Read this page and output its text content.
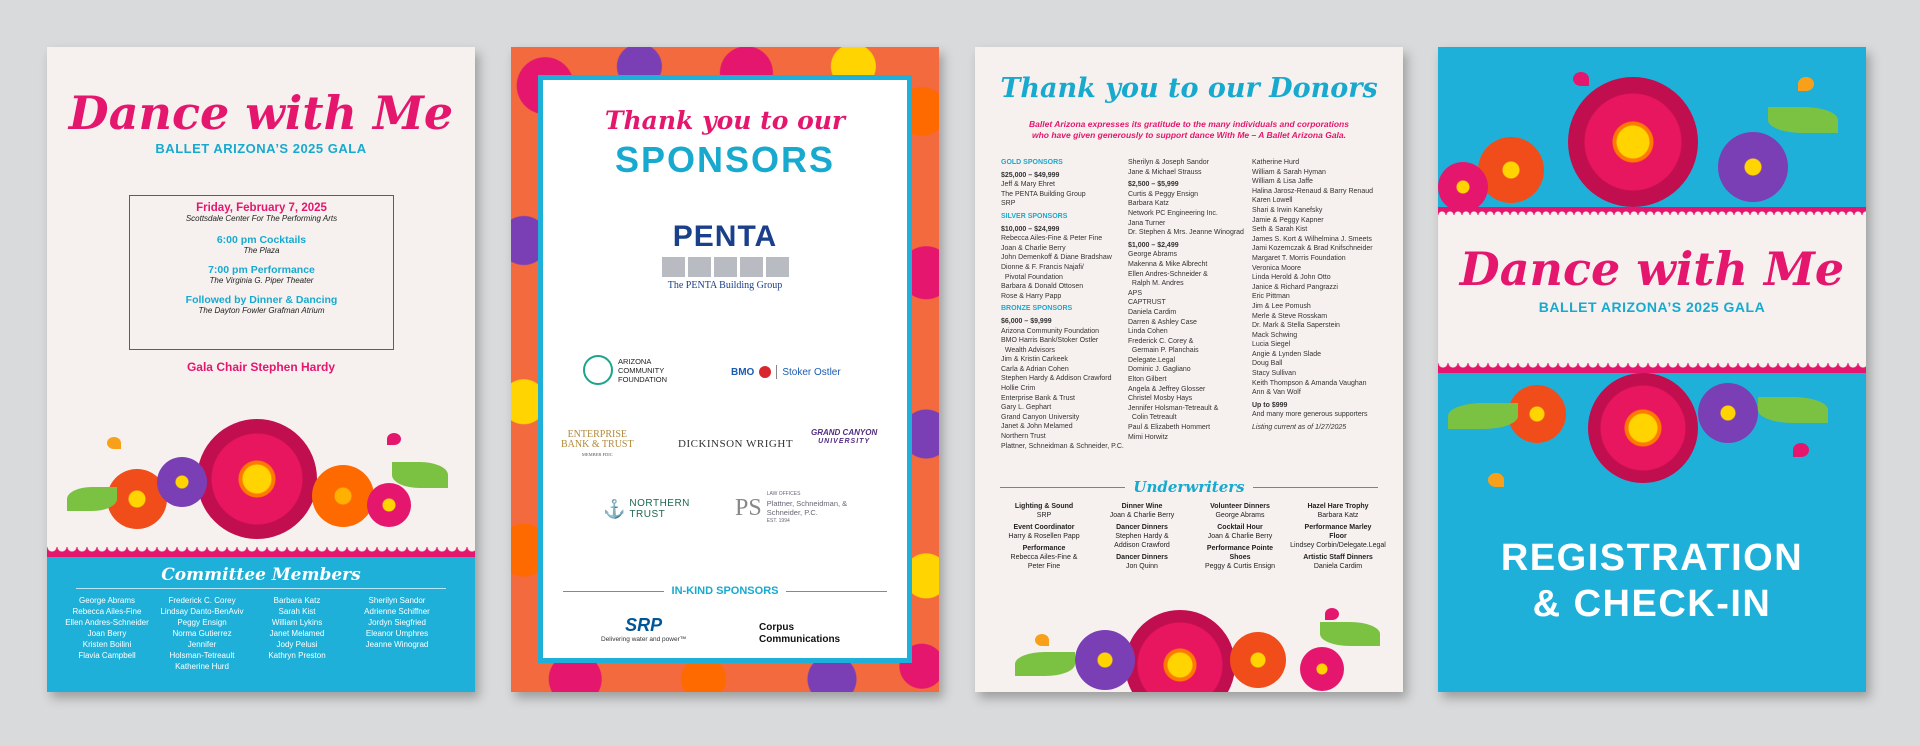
Dance with Me
BALLET ARIZONA’S 2025 GALA
Friday, February 7, 2025
Scottsdale Center For The Performing Arts
6:00 pm Cocktails
The Plaza
7:00 pm Performance
The Virginia G. Piper Theater
Followed by Dinner & Dancing
The Dayton Fowler Grafman Atrium
Gala Chair Stephen Hardy
Committee Members
George Abrams
Rebecca Ailes-Fine
Ellen Andres-Schneider
Joan Berry
Kristen Boilini
Flavia Campbell
Frederick C. Corey
Lindsay Danto-BenAviv
Peggy Ensign
Norma Gutierrez
Jennifer
Holsman-Tetreault
Katherine Hurd
Barbara Katz
Sarah Kist
William Lykins
Janet Melamed
Jody Pelusi
Kathryn Preston
Sherilyn Sandor
Adrienne Schiffner
Jordyn Siegfried
Eleanor Umphres
Jeanne Winograd
Thank you to our
SPONSORS
PENTA
The PENTA Building Group
ARIZONA
COMMUNITY
FOUNDATION
BMO	Stoker Ostler
ENTERPRISE
BANK & TRUST
MEMBER FDIC
DICKINSON WRIGHT
GRAND CANYON
UNIVERSITY
⚓ NORTHERN
TRUST	PS
LAW OFFICES
Plattner, Schneidman, &
Schneider, P.C.
EST. 1994
IN-KIND SPONSORS
SRP
Delivering water and power™
Corpus
Communications
Thank you to our Donors
Ballet Arizona expresses its gratitude to the many individuals and corporations
who have given generously to support dance With Me – A Ballet Arizona Gala.
GOLD SPONSORS
$25,000 – $49,999
Jeff & Mary Ehret
The PENTA Building Group
SRP
SILVER SPONSORS
$10,000 – $24,999
Rebecca Ailes-Fine & Peter Fine
Joan & Charlie Berry
John Demenkoff & Diane Bradshaw
Dionne & F. Francis Najafi/
Pivotal Foundation
Barbara & Donald Ottosen
Rose & Harry Papp
BRONZE SPONSORS
$6,000 – $9,999
Arizona Community Foundation
BMO Harris Bank/Stoker Ostler
Wealth Advisors
Jim & Kristin Carkeek
Carla & Adrian Cohen
Stephen Hardy & Addison Crawford
Hollie Crim
Enterprise Bank & Trust
Gary L. Gephart
Grand Canyon University
Janet & John Melamed
Northern Trust
Plattner, Schneidman & Schneider, P.C.
Sherilyn & Joseph Sandor
Jane & Michael Strauss
$2,500 – $5,999
Curtis & Peggy Ensign
Barbara Katz
Network PC Engineering Inc.
Jana Turner
Dr. Stephen & Mrs. Jeanne Winograd
$1,000 – $2,499
George Abrams
Makenna & Mike Albrecht
Ellen Andres-Schneider &
Ralph M. Andres
APS
CAPTRUST
Daniela Cardim
Darren & Ashley Case
Linda Cohen
Frederick C. Corey &
Germain P. Planchais
Delegate.Legal
Dominic J. Gagliano
Elton Gilbert
Angela & Jeffrey Glosser
Christel Mosby Hays
Jennifer Holsman-Tetreault &
Colin Tetreault
Paul & Elizabeth Hommert
Mimi Horwitz
Katherine Hurd
William & Sarah Hyman
William & Lisa Jaffe
Halina Jarosz-Renaud & Barry Renaud
Karen Lowell
Shari & Irwin Kanefsky
Jamie & Peggy Kapner
Seth & Sarah Kist
James S. Kort & Wilhelmina J. Smeets
Jami Kozemczak & Brad Knifschneider
Margaret T. Morris Foundation
Veronica Moore
Linda Herold & John Otto
Janice & Richard Pangrazzi
Eric Pittman
Jim & Lee Pomush
Merle & Steve Rosskam
Dr. Mark & Stella Saperstein
Mack Schwing
Lucia Siegel
Angie & Lynden Slade
Doug Ball
Stacy Sullivan
Keith Thompson & Amanda Vaughan
Ann & Van Wolf
Up to $999
And many more generous supporters
Listing current as of 1/27/2025
Underwriters
Lighting & Sound
SRP
Event Coordinator
Harry & Rosellen Papp
Performance
Rebecca Ailes-Fine &
Peter Fine
Dinner Wine
Joan & Charlie Berry
Dancer Dinners
Stephen Hardy &
Addison Crawford
Dancer Dinners
Jon Quinn
Volunteer Dinners
George Abrams
Cocktail Hour
Joan & Charlie Berry
Performance Pointe
Shoes
Peggy & Curtis Ensign
Hazel Hare Trophy
Barbara Katz
Performance Marley
Floor
Lindsey Corbin/Delegate.Legal
Artistic Staff Dinners
Daniela Cardim
Dance with Me
BALLET ARIZONA’S 2025 GALA
REGISTRATION
& CHECK-IN
